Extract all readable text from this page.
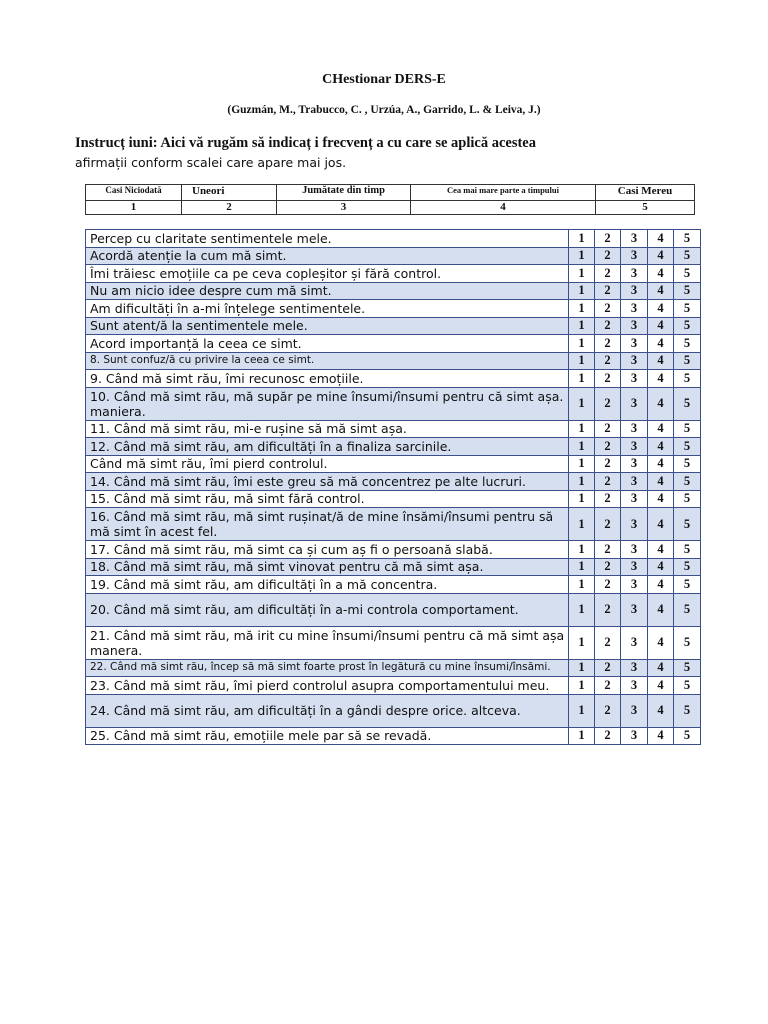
CHestionar DERS-E
(Guzmán, M., Trabucco, C. , Urzúa, A., Garrido, L. & Leiva, J.)
Instrucț iuni: Aici vă rugăm să indicaț i frecvenț a cu care se aplică acestea
afirmații conform scalei care apare mai jos.
Casi Niciodată	Uneori	Jumătate din timp	Cea mai mare parte a timpului	Casi Mereu
1	2	3	4	5
Percep cu claritate sentimentele mele.	1	2	3	4	5
Acordă atenție la cum mă simt.	1	2	3	4	5
Îmi trăiesc emoțiile ca pe ceva copleșitor și fără control.	1	2	3	4	5
Nu am nicio idee despre cum mă simt.	1	2	3	4	5
Am dificultăți în a-mi înțelege sentimentele.	1	2	3	4	5
Sunt atent/ă la sentimentele mele.	1	2	3	4	5
Acord importanță la ceea ce simt.	1	2	3	4	5
8. Sunt confuz/ă cu privire la ceea ce simt.	1	2	3	4	5
9. Când mă simt rău, îmi recunosc emoțiile.	1	2	3	4	5
10. Când mă simt rău, mă supăr pe mine însumi/însumi pentru că simt așa. maniera.	1	2	3	4	5
11. Când mă simt rău, mi-e rușine să mă simt așa.	1	2	3	4	5
12. Când mă simt rău, am dificultăți în a finaliza sarcinile.	1	2	3	4	5
Când mă simt rău, îmi pierd controlul.	1	2	3	4	5
14. Când mă simt rău, îmi este greu să mă concentrez pe alte lucruri.	1	2	3	4	5
15. Când mă simt rău, mă simt fără control.	1	2	3	4	5
16. Când mă simt rău, mă simt rușinat/ă de mine însămi/însumi pentru să mă simt în acest fel.	1	2	3	4	5
17. Când mă simt rău, mă simt ca și cum aș fi o persoană slabă.	1	2	3	4	5
18. Când mă simt rău, mă simt vinovat pentru că mă simt așa.	1	2	3	4	5
19. Când mă simt rău, am dificultăți în a mă concentra.	1	2	3	4	5
20. Când mă simt rău, am dificultăți în a-mi controla comportament.	1	2	3	4	5
21. Când mă simt rău, mă irit cu mine însumi/însumi pentru că mă simt așa manera.	1	2	3	4	5
22. Când mă simt rău, încep să mă simt foarte prost în legătură cu mine însumi/însămi.	1	2	3	4	5
23. Când mă simt rău, îmi pierd controlul asupra comportamentului meu.	1	2	3	4	5
24. Când mă simt rău, am dificultăți în a gândi despre orice. altceva.	1	2	3	4	5
25. Când mă simt rău, emoțiile mele par să se revadă.	1	2	3	4	5
